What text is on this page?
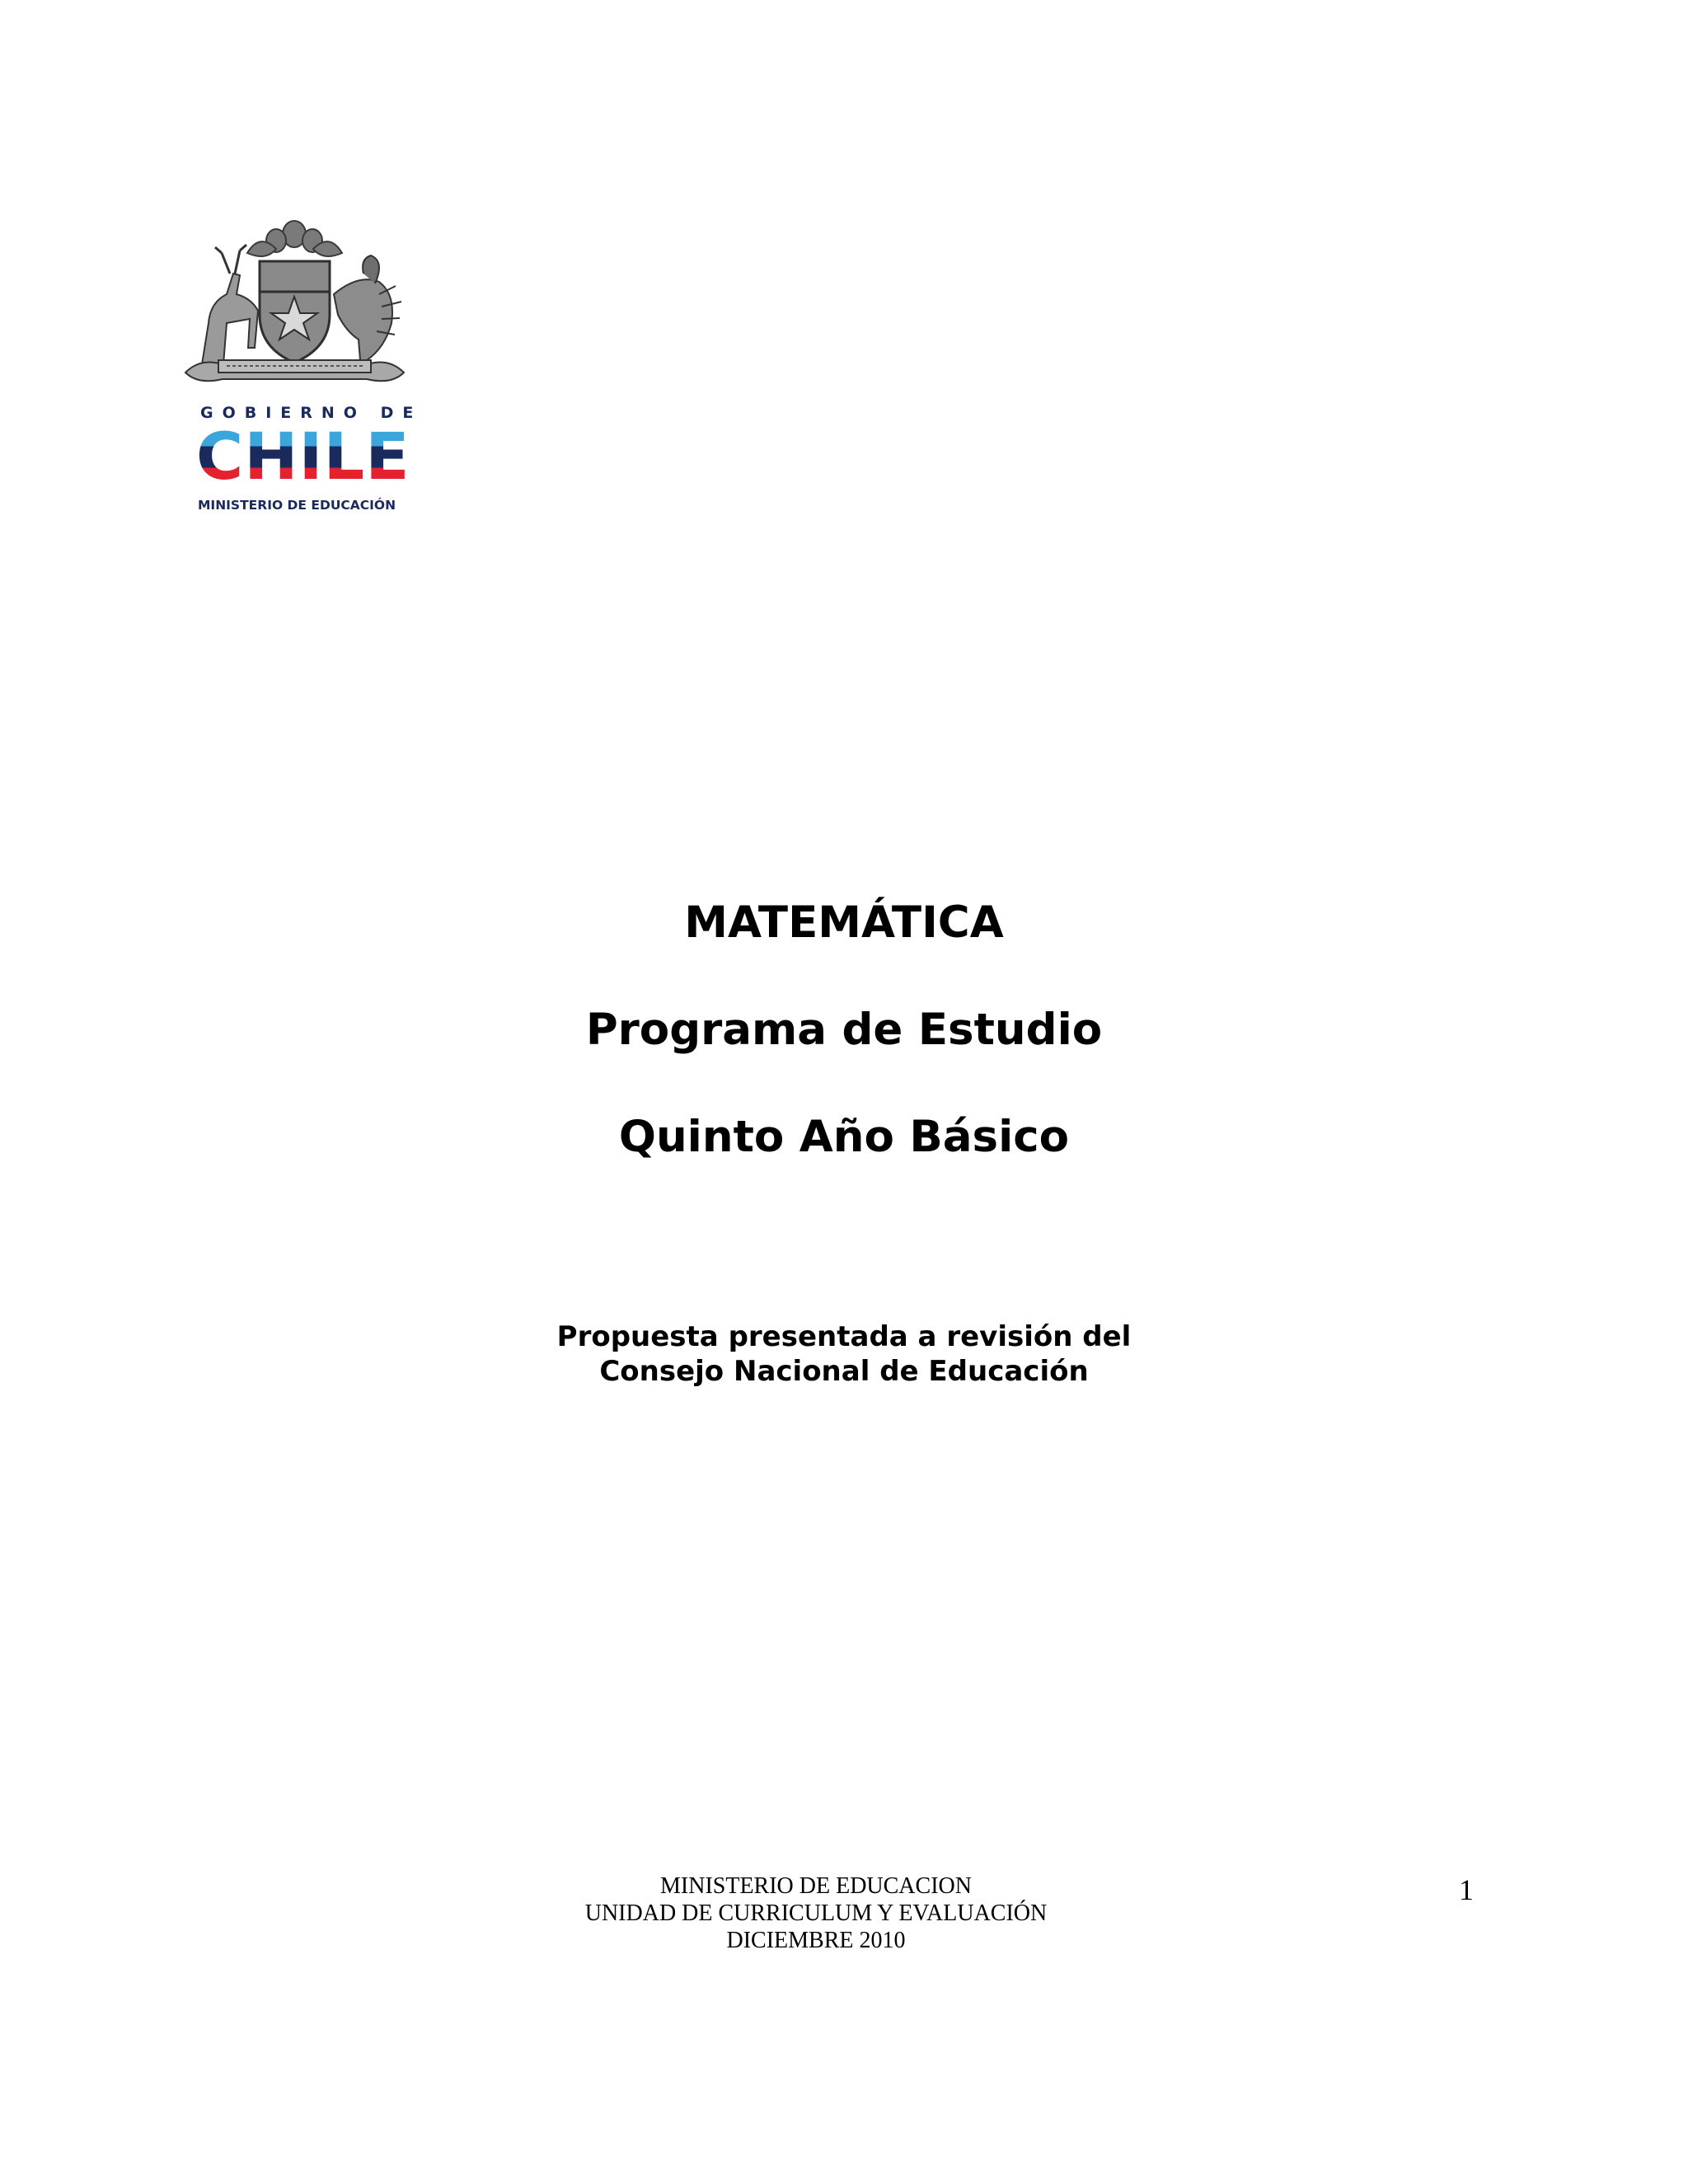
GOBIERNO DE
CHILE
MINISTERIO DE EDUCACIÓN
MATEMÁTICA
Programa de Estudio
Quinto Año Básico
Propuesta presentada a revisión del
Consejo Nacional de Educación
MINISTERIO DE EDUCACION
UNIDAD DE CURRICULUM Y EVALUACIÓN
DICIEMBRE 2010
1
